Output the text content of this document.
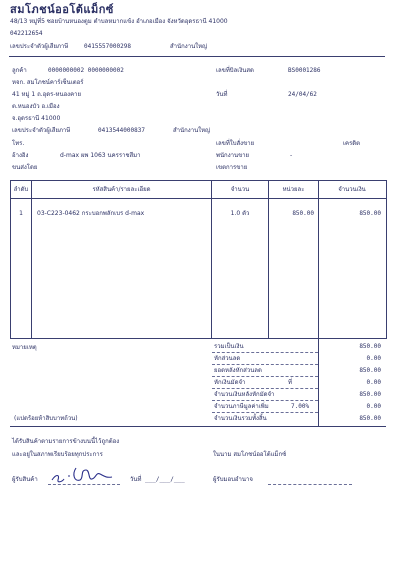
สมโภชน์ออโต้แม็กซ์
48/13 หมู่ที่5 ซอยบ้านหนองตูม ตำบลหมากแข้ง อำเภอเมือง จังหวัดอุดรธานี 41000
042212654
เลขประจำตัวผู้เสียภาษี	0415557000298	สำนักงานใหญ่
ลูกค้า	0000000002 0000000002
หจก. สมโภชน์คาร์เซ็นเตอร์
41 หมู่ 1 ถ.อุดร-หนองคาย
ต.หนองบัว อ.เมือง
จ.อุดรธานี 41000
เลขประจำตัวผู้เสียภาษี	0413544000837	สำนักงานใหญ่
โทร.
อ้างอิง	d-max ผพ 1063 นครราชสีมา
ขนส่งโดย
เลขที่บิลเงินสด	BS0001286
วันที่	24/04/62
เลขที่ใบสั่งขาย	เครดิต
พนักงานขาย	-
เขตการขาย
ลำดับ	รหัสสินค้า/รายละเอียด	จำนวน	หน่วยละ	จำนวนเงิน
1	03-C223-0462 กระบอกพลักเบร d-max	1.0 ตัว	850.00	850.00
หมายเหตุ	รวมเป็นเงิน	850.00
หักส่วนลด	0.00
ยอดหลังหักส่วนลด	850.00
หักเงินมัดจำ	ที่	0.00
จำนวนเงินหลังหักมัดจำ	850.00
จำนวนภาษีมูลค่าเพิ่ม	7.00%	0.00
(แปดร้อยห้าสิบบาทถ้วน)	จำนวนเงินรวมทั้งสิ้น	850.00
ได้รับสินค้าตามรายการข้างบนนี้ไว้ถูกต้อง
และอยู่ในสภาพเรียบร้อยทุกประการ	ในนาม สมโภชน์ออโต้แม็กซ์
ผู้รับสินค้า	วันที่ ___/___/___	ผู้รับมอบอำนาจ
